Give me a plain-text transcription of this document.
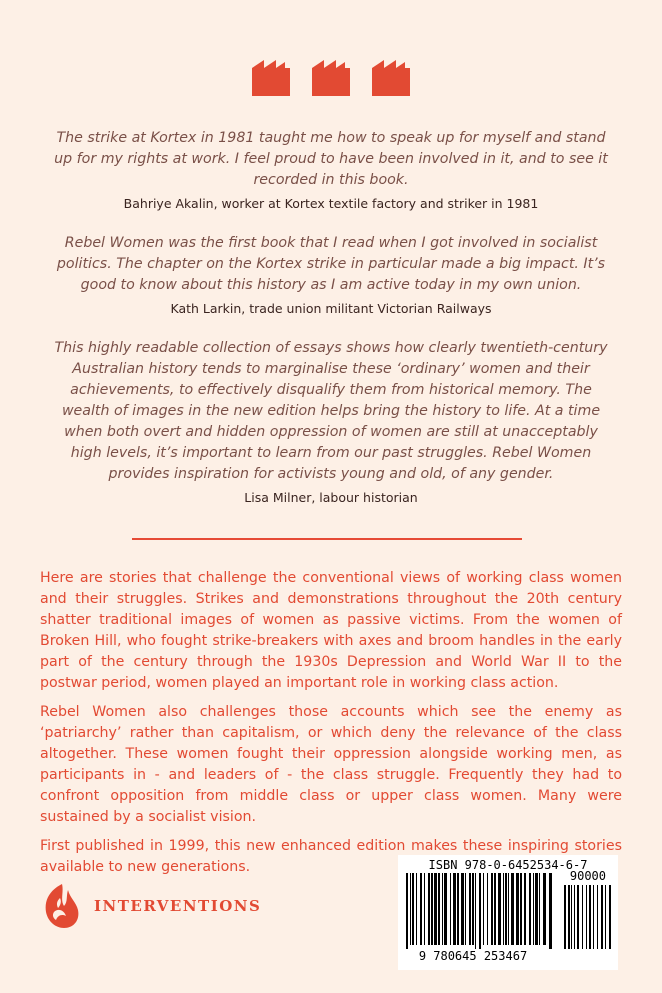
The strike at Kortex in 1981 taught me how to speak up for myself and stand up for my rights at work. I feel proud to have been involved in it, and to see it recorded in this book.

Bahriye Akalin, worker at Kortex textile factory and striker in 1981

Rebel Women was the first book that I read when I got involved in socialist politics. The chapter on the Kortex strike in particular made a big impact. It’s good to know about this history as I am active today in my own union.

Kath Larkin, trade union militant Victorian Railways

This highly readable collection of essays shows how clearly twentieth-century Australian history tends to marginalise these ‘ordinary’ women and their achievements, to effectively disqualify them from historical memory. The wealth of images in the new edition helps bring the history to life. At a time when both overt and hidden oppression of women are still at unacceptably high levels, it’s important to learn from our past struggles. Rebel Women provides inspiration for activists young and old, of any gender.

Lisa Milner, labour historian

Here are stories that challenge the conventional views of working class women and their struggles. Strikes and demonstrations throughout the 20th century shatter traditional images of women as passive victims. From the women of Broken Hill, who fought strike-breakers with axes and broom handles in the early part of the century through the 1930s Depression and World War II to the postwar period, women played an important role in working class action.

Rebel Women also challenges those accounts which see the enemy as ‘patriarchy’ rather than capitalism, or which deny the relevance of the class altogether. These women fought their oppression alongside working men, as participants in - and leaders of - the class struggle. Frequently they had to confront opposition from middle class or upper class women. Many were sustained by a socialist vision.

First published in 1999, this new enhanced edition makes these inspiring stories available to new generations.

INTERVENTIONS
ISBN 978-0-6452534-6-7
90000
9 780645 253467
